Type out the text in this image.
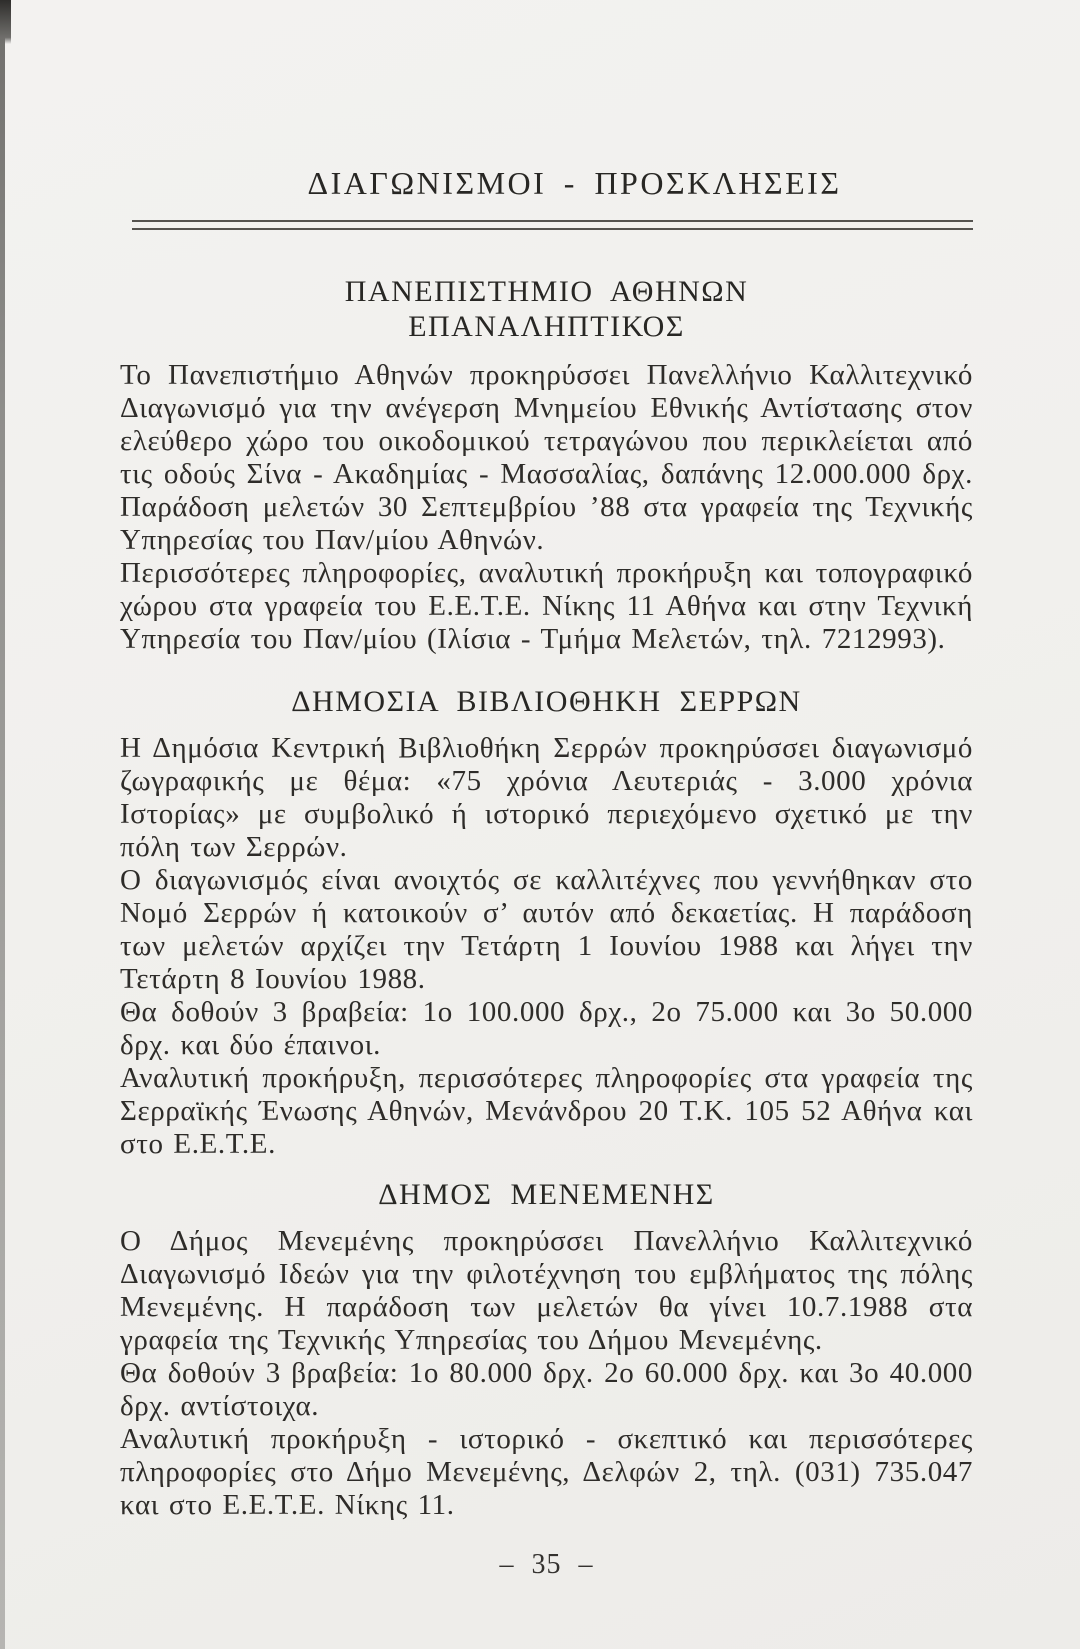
ΔΙΑΓΩΝΙΣΜΟΙ - ΠΡΟΣΚΛΗΣΕΙΣ
ΠΑΝΕΠΙΣΤΗΜΙΟ ΑΘΗΝΩΝ
ΕΠΑΝΑΛΗΠΤΙΚΟΣ

Το Πανεπιστήμιο Αθηνών προκηρύσσει Πανελλήνιο Καλλιτεχνικό Διαγωνισμό για την ανέγερση Μνημείου Εθνικής Αντίστασης στον ελεύθερο χώρο του οικοδομικού τετραγώνου που περικλείεται από τις οδούς Σίνα - Ακαδημίας - Μασσαλίας, δαπάνης 12.000.000 δρχ. Παράδοση μελετών 30 Σεπτεμβρίου ’88 στα γραφεία της Τεχνικής Υπηρεσίας του Παν/μίου Αθηνών.

Περισσότερες πληροφορίες, αναλυτική προκήρυξη και τοπογραφικό χώρου στα γραφεία του Ε.Ε.Τ.Ε. Νίκης 11 Αθήνα και στην Τεχνική Υπηρεσία του Παν/μίου (Ιλίσια - Τμήμα Μελετών, τηλ. 7212993).

ΔΗΜΟΣΙΑ ΒΙΒΛΙΟΘΗΚΗ ΣΕΡΡΩΝ

Η Δημόσια Κεντρική Βιβλιοθήκη Σερρών προκηρύσσει διαγωνισμό ζωγραφικής με θέμα: «75 χρόνια Λευτεριάς - 3.000 χρόνια Ιστορίας» με συμβολικό ή ιστορικό περιεχόμενο σχετικό με την πόλη των Σερρών.

Ο διαγωνισμός είναι ανοιχτός σε καλλιτέχνες που γεννήθηκαν στο Νομό Σερρών ή κατοικούν σ’ αυτόν από δεκαετίας. Η παράδοση των μελετών αρχίζει την Τετάρτη 1 Ιουνίου 1988 και λήγει την Τετάρτη 8 Ιουνίου 1988.

Θα δοθούν 3 βραβεία: 1ο 100.000 δρχ., 2ο 75.000 και 3ο 50.000 δρχ. και δύο έπαινοι.

Αναλυτική προκήρυξη, περισσότερες πληροφορίες στα γραφεία της Σερραϊκής Ένωσης Αθηνών, Μενάνδρου 20 Τ.Κ. 105 52 Αθήνα και στο Ε.Ε.Τ.Ε.

ΔΗΜΟΣ ΜΕΝΕΜΕΝΗΣ

Ο Δήμος Μενεμένης προκηρύσσει Πανελλήνιο Καλλιτεχνικό Διαγωνισμό Ιδεών για την φιλοτέχνηση του εμβλήματος της πόλης Μενεμένης. Η παράδοση των μελετών θα γίνει 10.7.1988 στα γραφεία της Τεχνικής Υπηρεσίας του Δήμου Μενεμένης.

Θα δοθούν 3 βραβεία: 1ο 80.000 δρχ. 2ο 60.000 δρχ. και 3ο 40.000 δρχ. αντίστοιχα.

Αναλυτική προκήρυξη - ιστορικό - σκεπτικό και περισσότερες πληροφορίες στο Δήμο Μενεμένης, Δελφών 2, τηλ. (031) 735.047 και στο Ε.Ε.Τ.Ε. Νίκης 11.

– 35 –
